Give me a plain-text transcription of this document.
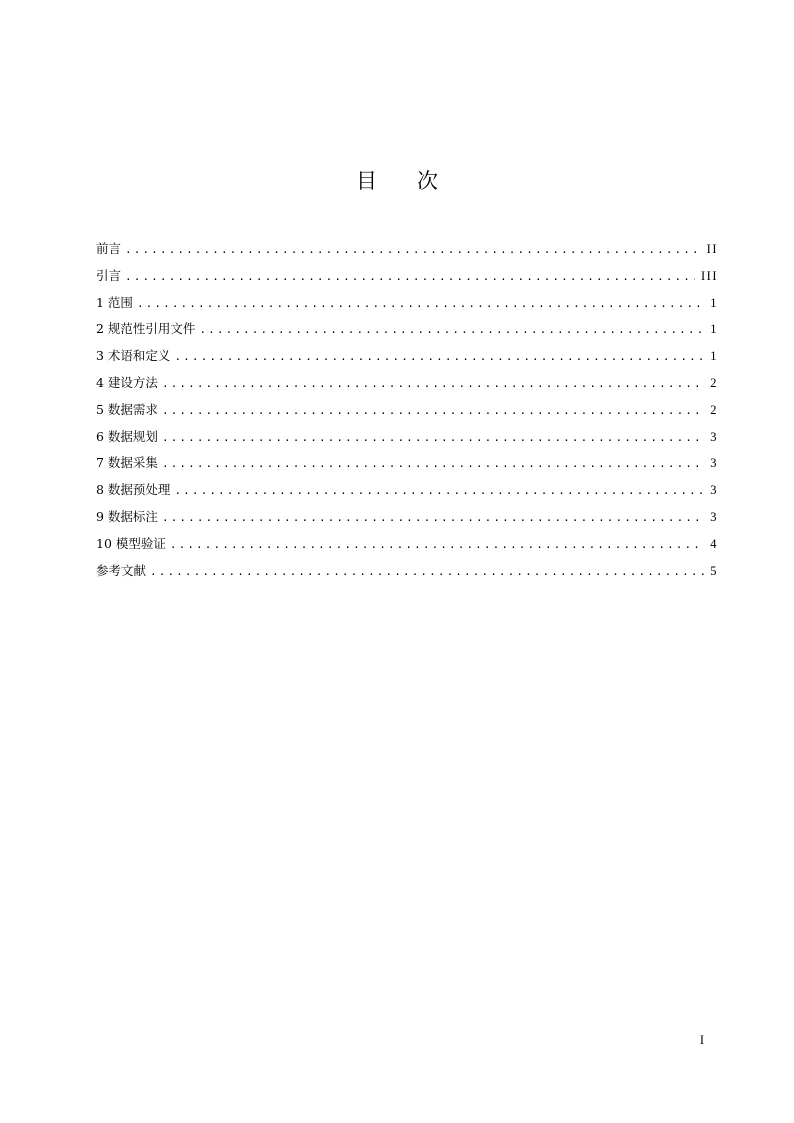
目 次
前言 .....	II
引言 .....	III
1 范围 .....	1
2 规范性引用文件 .....	1
3 术语和定义 .....	1
4 建设方法 .....	2
5 数据需求 .....	2
6 数据规划 .....	3
7 数据采集 .....	3
8 数据预处理 .....	3
9 数据标注 .....	3
10 模型验证 .....	4
参考文献 .....	5
I
